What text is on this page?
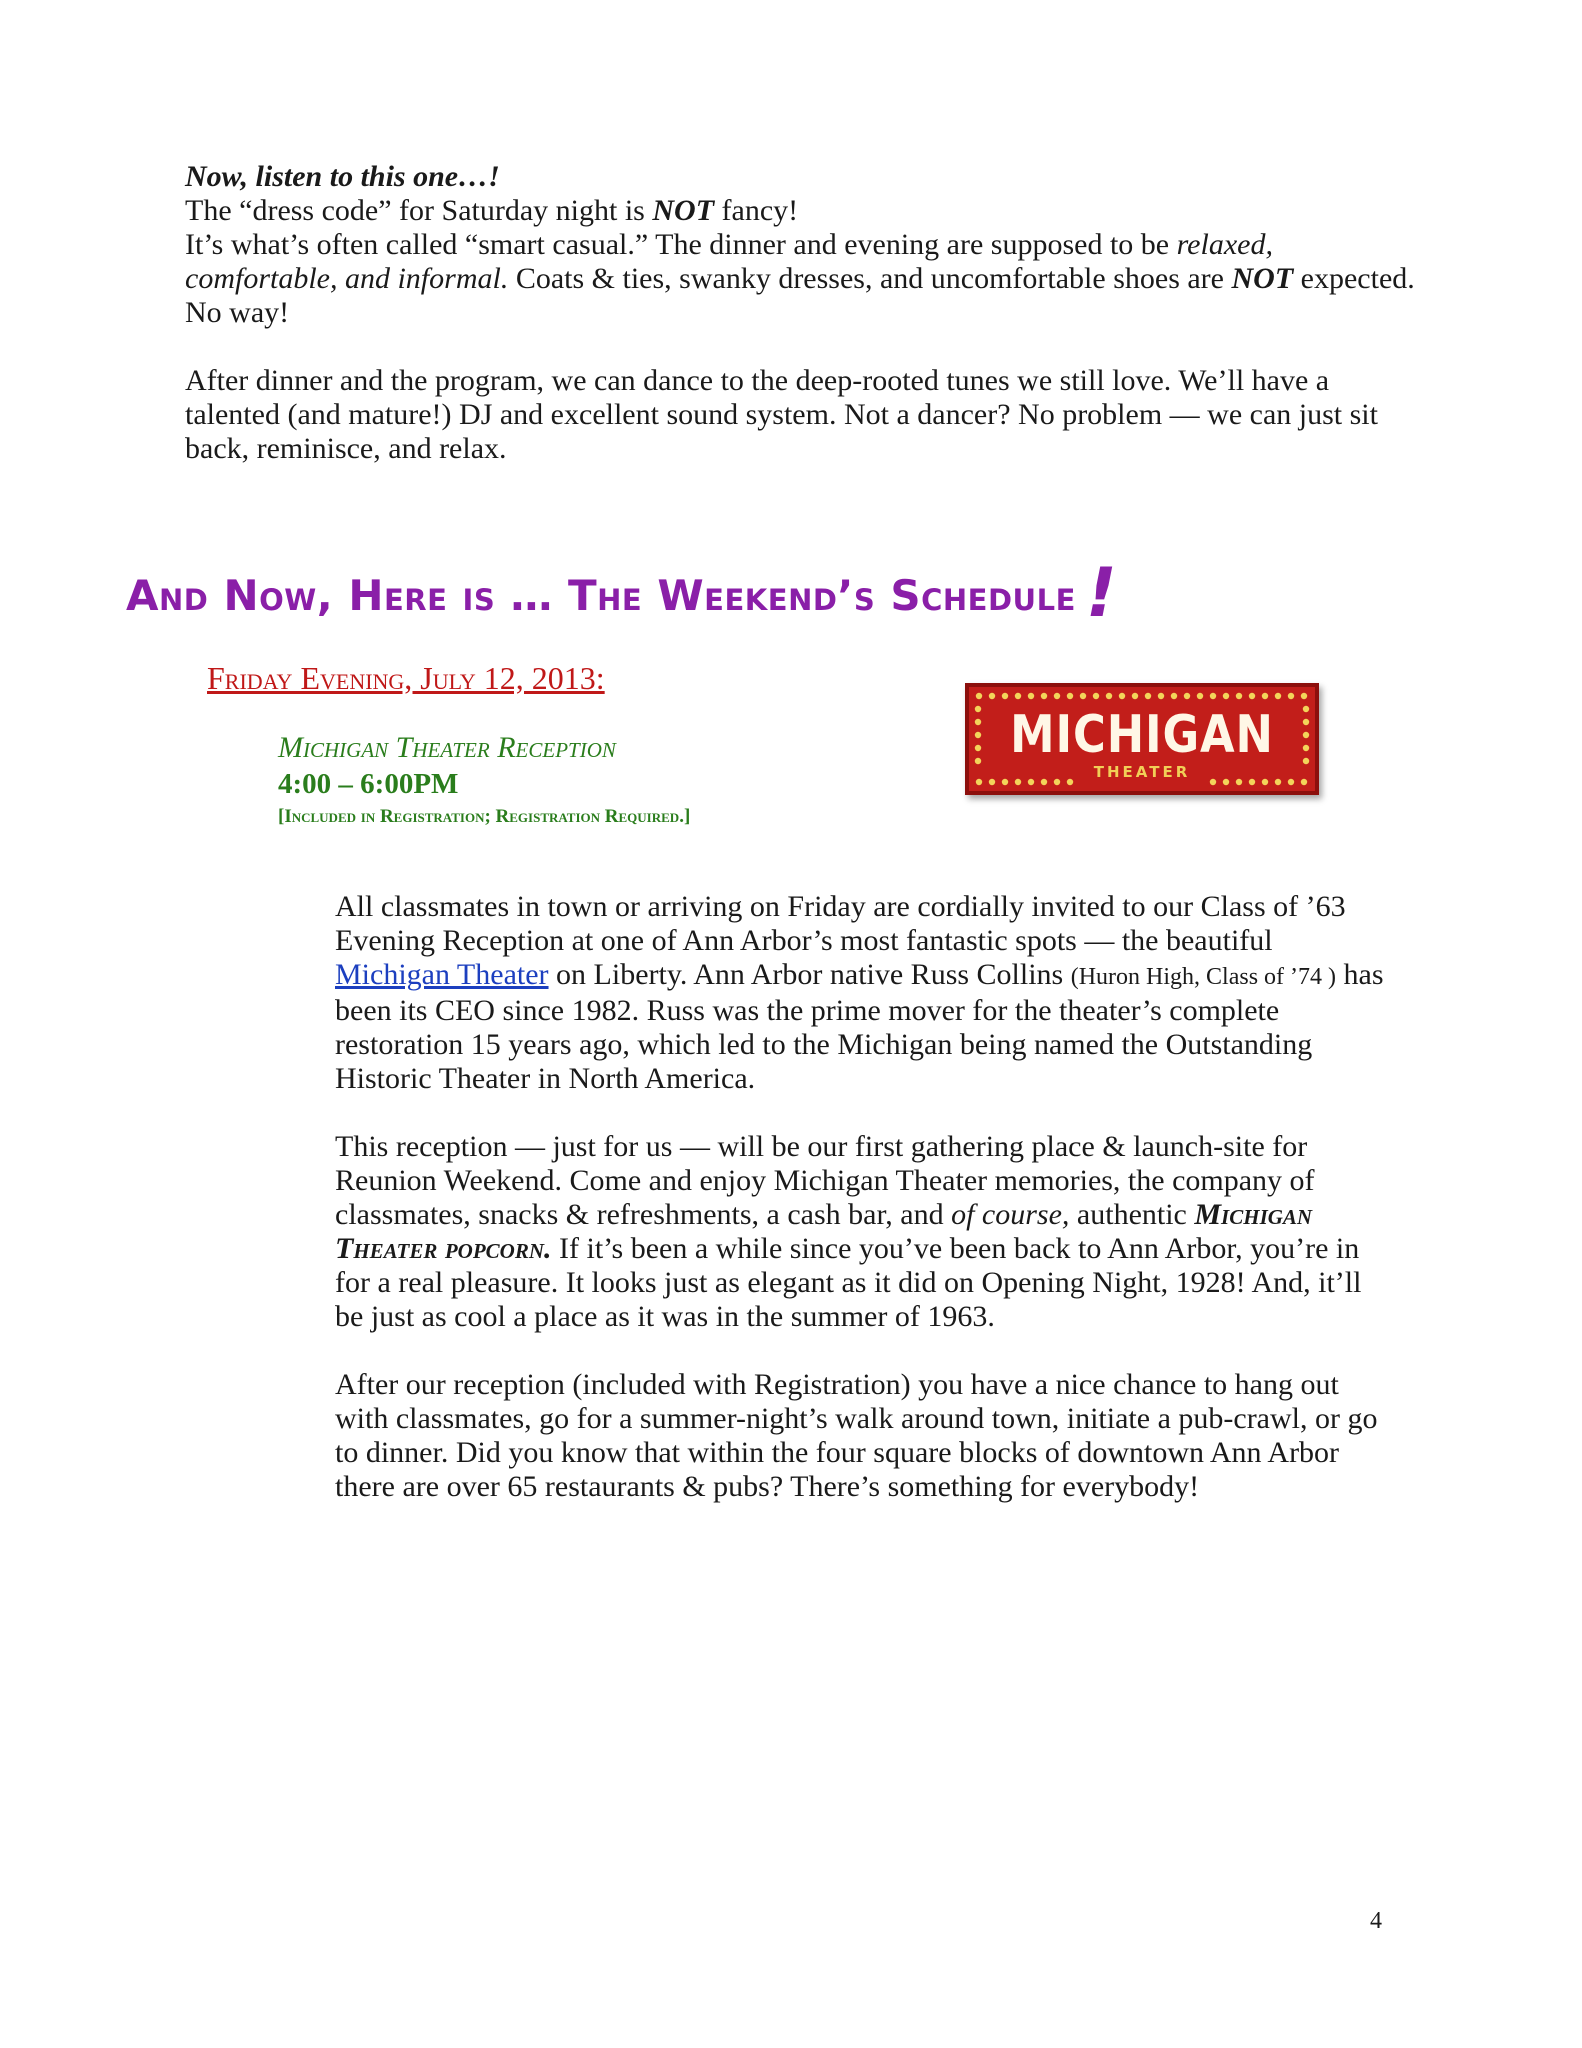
Now, listen to this one…!

The “dress code” for Saturday night is NOT fancy!

It’s what’s often called “smart casual.” The dinner and evening are supposed to be relaxed, comfortable, and informal. Coats & ties, swanky dresses, and uncomfortable shoes are NOT expected. No way!

After dinner and the program, we can dance to the deep-rooted tunes we still love. We’ll have a talented (and mature!) DJ and excellent sound system. Not a dancer? No problem — we can just sit back, reminisce, and relax.

And Now, Here is … The Weekend’s Schedule !
Friday Evening, July 12, 2013:
Michigan Theater Reception
4:00 – 6:00PM
[Included in Registration; Registration Required.]
MICHIGAN
THEATER

All classmates in town or arriving on Friday are cordially invited to our Class of ’63 Evening Reception at one of Ann Arbor’s most fantastic spots — the beautiful Michigan Theater on Liberty. Ann Arbor native Russ Collins (Huron High, Class of ’74 ) has been its CEO since 1982. Russ was the prime mover for the theater’s complete restoration 15 years ago, which led to the Michigan being named the Outstanding Historic Theater in North America.

This reception — just for us — will be our first gathering place & launch-site for Reunion Weekend. Come and enjoy Michigan Theater memories, the company of classmates, snacks & refreshments, a cash bar, and of course, authentic Michigan Theater popcorn. If it’s been a while since you’ve been back to Ann Arbor, you’re in for a real pleasure. It looks just as elegant as it did on Opening Night, 1928! And, it’ll be just as cool a place as it was in the summer of 1963.

After our reception (included with Registration) you have a nice chance to hang out with classmates, go for a summer-night’s walk around town, initiate a pub-crawl, or go to dinner. Did you know that within the four square blocks of downtown Ann Arbor there are over 65 restaurants & pubs? There’s something for everybody!

4
